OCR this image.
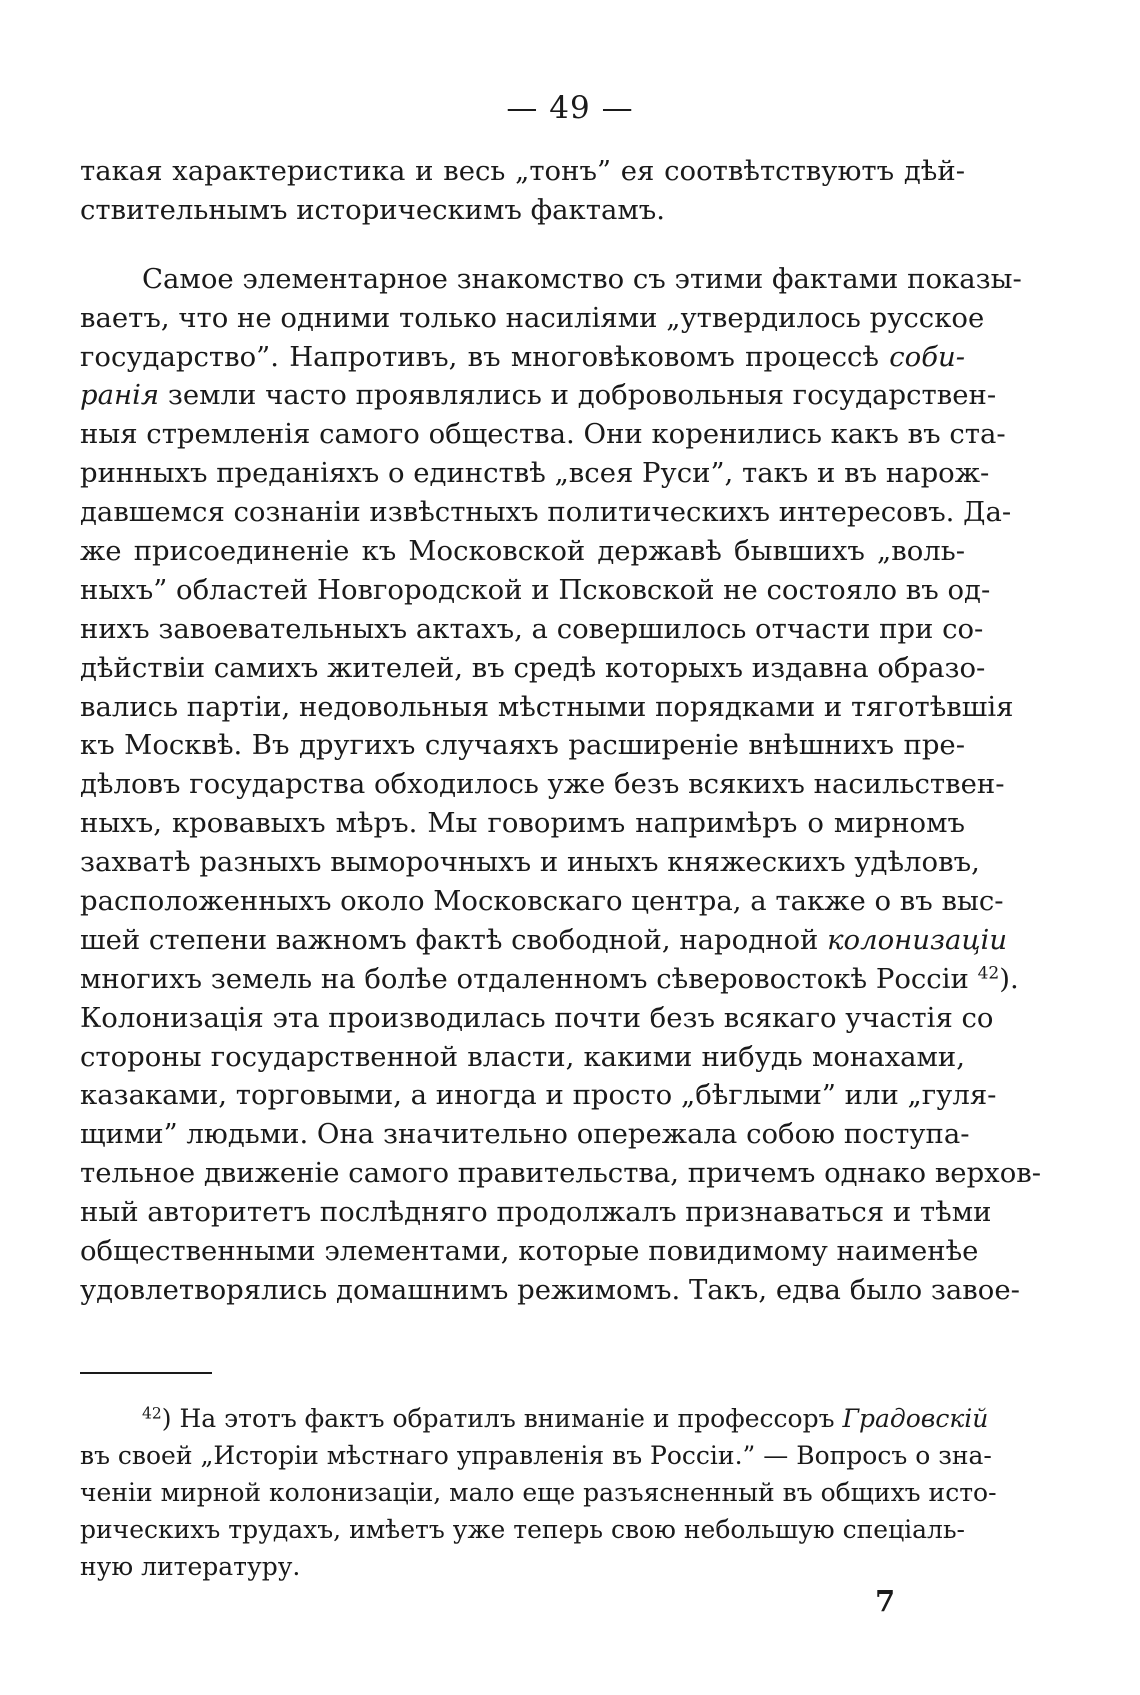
— 49 —
такая характеристика и весь „тонъ” ея соотвѣтствуютъ дѣй-
ствительнымъ историческимъ фактамъ.
Самое элементарное знакомство съ этими фактами показы-
ваетъ, что не одними только насиліями „утвердилось русское
государство”. Напротивъ, въ многовѣковомъ процессѣ соби-
ранія земли часто проявлялись и добровольныя государствен-
ныя стремленія самого общества. Они коренились какъ въ ста-
ринныхъ преданіяхъ о единствѣ „всея Руси”, такъ и въ нарож-
давшемся сознаніи извѣстныхъ политическихъ интересовъ. Да-
же присоединеніе къ Московской державѣ бывшихъ „воль-
ныхъ” областей Новгородской и Псковской не состояло въ од-
нихъ завоевательныхъ актахъ, а совершилось отчасти при со-
дѣйствіи самихъ жителей, въ средѣ которыхъ издавна образо-
вались партіи, недовольныя мѣстными порядками и тяготѣвшія
къ Москвѣ. Въ другихъ случаяхъ расширеніе внѣшнихъ пре-
дѣловъ государства обходилось уже безъ всякихъ насильствен-
ныхъ, кровавыхъ мѣръ. Мы говоримъ напримѣръ о мирномъ
захватѣ разныхъ выморочныхъ и иныхъ княжескихъ удѣловъ,
расположенныхъ около Московскаго центра, а также о въ выс-
шей степени важномъ фактѣ свободной, народной колонизаціи
многихъ земель на болѣе отдаленномъ сѣверовостокѣ Россіи $^{42}$).
Колонизація эта производилась почти безъ всякаго участія со
стороны государственной власти, какими нибудь монахами,
казаками, торговыми, а иногда и просто „бѣглыми” или „гуля-
щими” людьми. Она значительно опережала собою поступа-
тельное движеніе самого правительства, причемъ однако верхов-
ный авторитетъ послѣдняго продолжалъ признаваться и тѣми
общественными элементами, которые повидимому наименѣе
удовлетворялись домашнимъ режимомъ. Такъ, едва было завое-
$^{42}$) На этотъ фактъ обратилъ вниманіе и профессоръ Градовскій
въ своей „Исторіи мѣстнаго управленія въ Россіи.” — Вопросъ о зна-
ченіи мирной колонизаціи, мало еще разъясненный въ общихъ исто-
рическихъ трудахъ, имѣетъ уже теперь свою небольшую спеціаль-
ную литературу.
7
